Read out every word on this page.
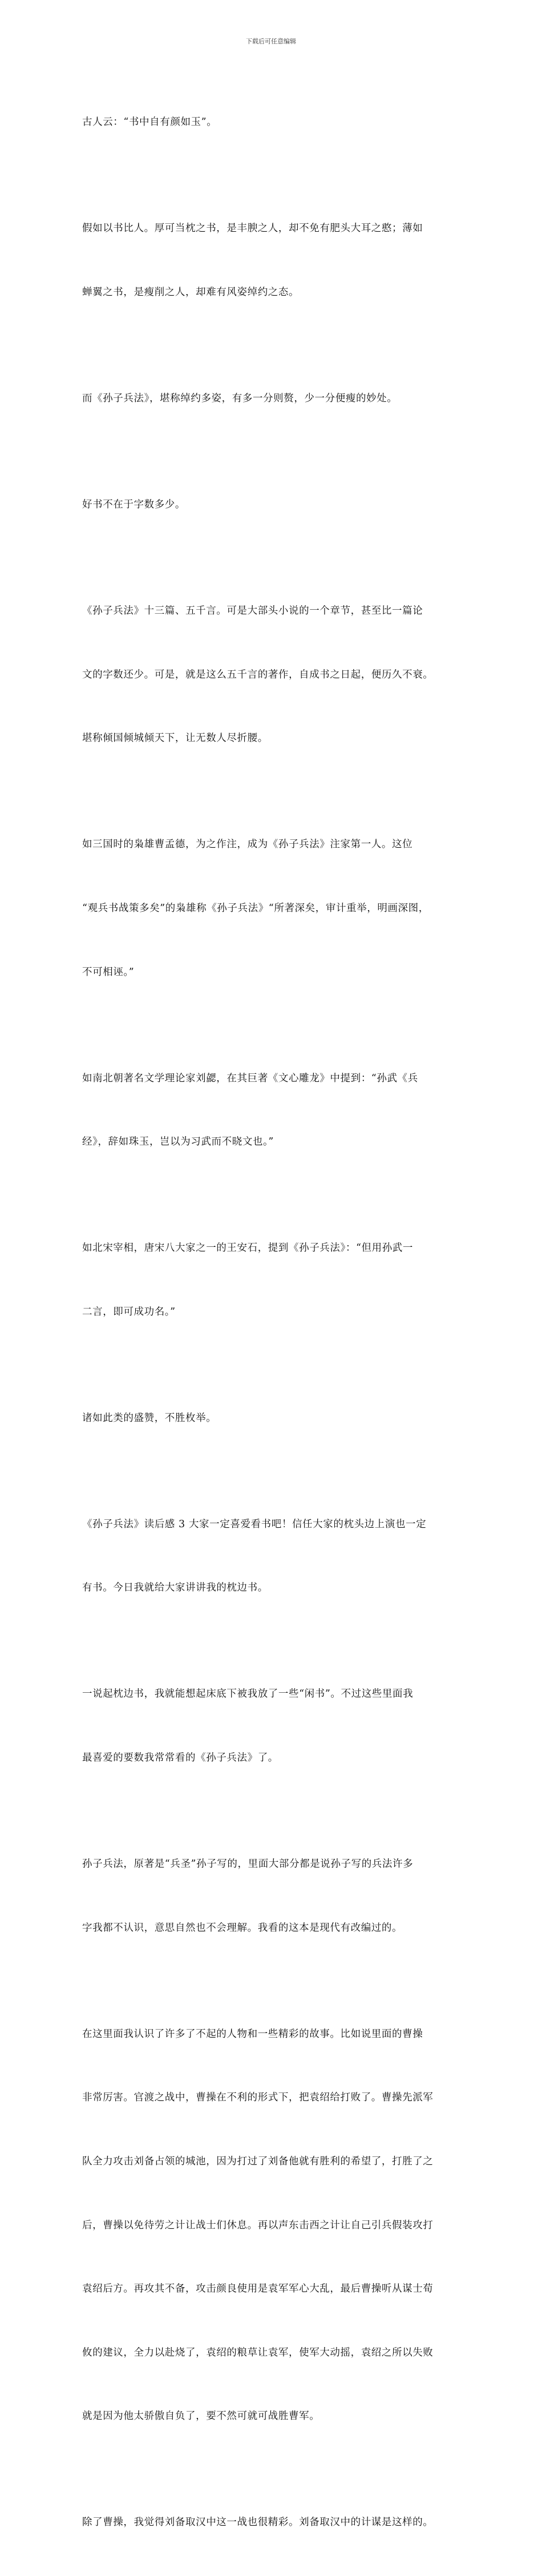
下载后可任意编辑

古人云：“书中自有颜如玉”。

假如以书比人。厚可当枕之书，是丰腴之人，却不免有肥头大耳之憨；薄如

蝉翼之书，是瘦削之人，却难有风姿绰约之态。

而《孙子兵法》，堪称绰约多姿，有多一分则赘，少一分便瘦的妙处。

好书不在于字数多少。

《孙子兵法》十三篇、五千言。可是大部头小说的一个章节，甚至比一篇论

文的字数还少。可是，就是这么五千言的著作，自成书之日起，便历久不衰。

堪称倾国倾城倾天下，让无数人尽折腰。

如三国时的枭雄曹孟德，为之作注，成为《孙子兵法》注家第一人。这位

“观兵书战策多矣”的枭雄称《孙子兵法》“所著深矣，审计重举，明画深图，

不可相诬。”

如南北朝著名文学理论家刘勰，在其巨著《文心雕龙》中提到：“孙武《兵

经》，辞如珠玉，岂以为习武而不晓文也。”

如北宋宰相，唐宋八大家之一的王安石，提到《孙子兵法》：“但用孙武一

二言，即可成功名。”

诸如此类的盛赞，不胜枚举。

《孙子兵法》读后感 3 大家一定喜爱看书吧！信任大家的枕头边上演也一定

有书。今日我就给大家讲讲我的枕边书。

一说起枕边书，我就能想起床底下被我放了一些“闲书”。不过这些里面我

最喜爱的要数我常常看的《孙子兵法》了。

孙子兵法，原著是“兵圣”孙子写的，里面大部分都是说孙子写的兵法许多

字我都不认识，意思自然也不会理解。我看的这本是现代有改编过的。

在这里面我认识了许多了不起的人物和一些精彩的故事。比如说里面的曹操

非常厉害。官渡之战中，曹操在不利的形式下，把袁绍给打败了。曹操先派军

队全力攻击刘备占领的城池，因为打过了刘备他就有胜利的希望了，打胜了之

后，曹操以免待劳之计让战士们休息。再以声东击西之计让自己引兵假装攻打

袁绍后方。再攻其不备，攻击颜良使用是袁军军心大乱，最后曹操听从谋士荀

攸的建议，全力以赴烧了，袁绍的粮草让袁军，使军大动摇，袁绍之所以失败

就是因为他太骄傲自负了，要不然可就可战胜曹军。

除了曹操，我觉得刘备取汉中这一战也很精彩。刘备取汉中的计谋是这样的。
